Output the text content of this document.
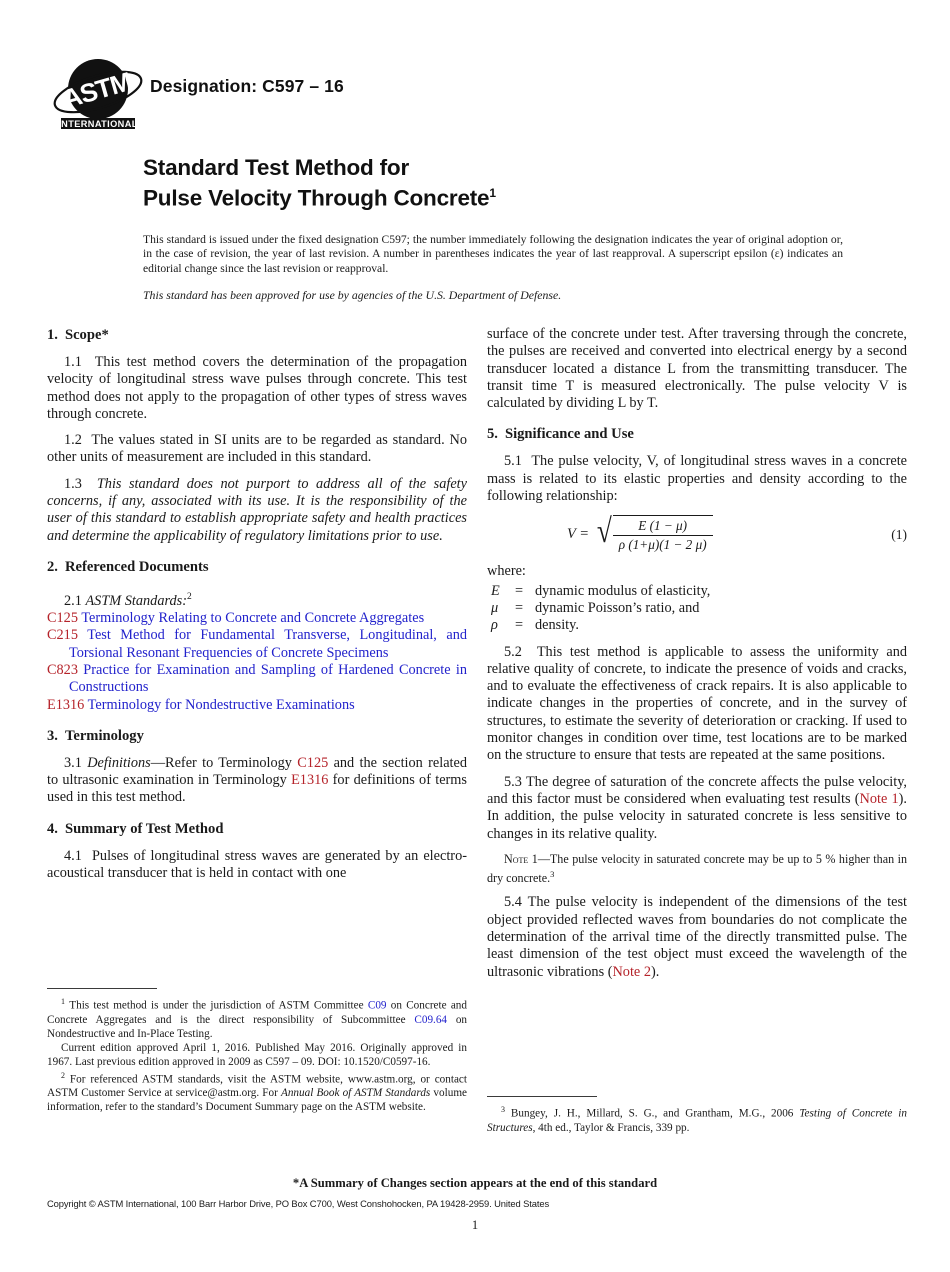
ASTM
INTERNATIONAL
Designation: C597 – 16
Standard Test Method for
Pulse Velocity Through Concrete$^1$
This standard is issued under the fixed designation C597; the number immediately following the designation indicates the year of original adoption or, in the case of revision, the year of last revision. A number in parentheses indicates the year of last reapproval. A superscript epsilon (ε) indicates an editorial change since the last revision or reapproval.
This standard has been approved for use by agencies of the U.S. Department of Defense.
1. Scope*

1.1 This test method covers the determination of the propagation velocity of longitudinal stress wave pulses through concrete. This test method does not apply to the propagation of other types of stress waves through concrete.

1.2 The values stated in SI units are to be regarded as standard. No other units of measurement are included in this standard.

1.3 This standard does not purport to address all of the safety concerns, if any, associated with its use. It is the responsibility of the user of this standard to establish appropriate safety and health practices and determine the applicability of regulatory limitations prior to use.

2. Referenced Documents

2.1 ASTM Standards:$^2$

C125 Terminology Relating to Concrete and Concrete Aggregates
C215 Test Method for Fundamental Transverse, Longitudinal, and Torsional Resonant Frequencies of Concrete Specimens
C823 Practice for Examination and Sampling of Hardened Concrete in Constructions
E1316 Terminology for Nondestructive Examinations
3. Terminology

3.1 Definitions—Refer to Terminology C125 and the section related to ultrasonic examination in Terminology E1316 for definitions of terms used in this test method.

4. Summary of Test Method

4.1 Pulses of longitudinal stress waves are generated by an electro-acoustical transducer that is held in contact with one

surface of the concrete under test. After traversing through the concrete, the pulses are received and converted into electrical energy by a second transducer located a distance L from the transmitting transducer. The transit time T is measured electronically. The pulse velocity V is calculated by dividing L by T.

5. Significance and Use

5.1 The pulse velocity, V, of longitudinal stress waves in a concrete mass is related to its elastic properties and density according to the following relationship:

V = √ $\frac{E (1 - \mu)}{\rho (1+\mu)(1 - 2 \mu)}$	(1)

where:

E	=	dynamic modulus of elasticity,
μ	=	dynamic Poisson’s ratio, and
ρ	=	density.

5.2 This test method is applicable to assess the uniformity and relative quality of concrete, to indicate the presence of voids and cracks, and to evaluate the effectiveness of crack repairs. It is also applicable to indicate changes in the properties of concrete, and in the survey of structures, to estimate the severity of deterioration or cracking. If used to monitor changes in condition over time, test locations are to be marked on the structure to ensure that tests are repeated at the same positions.

5.3 The degree of saturation of the concrete affects the pulse velocity, and this factor must be considered when evaluating test results (Note 1). In addition, the pulse velocity in saturated concrete is less sensitive to changes in its relative quality.

Note 1—The pulse velocity in saturated concrete may be up to 5 % higher than in dry concrete.$^3$

5.4 The pulse velocity is independent of the dimensions of the test object provided reflected waves from boundaries do not complicate the determination of the arrival time of the directly transmitted pulse. The least dimension of the test object must exceed the wavelength of the ultrasonic vibrations (Note 2).

$^1$ This test method is under the jurisdiction of ASTM Committee C09 on Concrete and Concrete Aggregates and is the direct responsibility of Subcommittee C09.64 on Nondestructive and In-Place Testing.

Current edition approved April 1, 2016. Published May 2016. Originally approved in 1967. Last previous edition approved in 2009 as C597 – 09. DOI: 10.1520/C0597-16.

$^2$ For referenced ASTM standards, visit the ASTM website, www.astm.org, or contact ASTM Customer Service at service@astm.org. For Annual Book of ASTM Standards volume information, refer to the standard’s Document Summary page on the ASTM website.	$^3$ Bungey, J. H., Millard, S. G., and Grantham, M.G., 2006 Testing of Concrete in Structures, 4th ed., Taylor & Francis, 339 pp.

*A Summary of Changes section appears at the end of this standard
Copyright © ASTM International, 100 Barr Harbor Drive, PO Box C700, West Conshohocken, PA 19428-2959. United States
1
